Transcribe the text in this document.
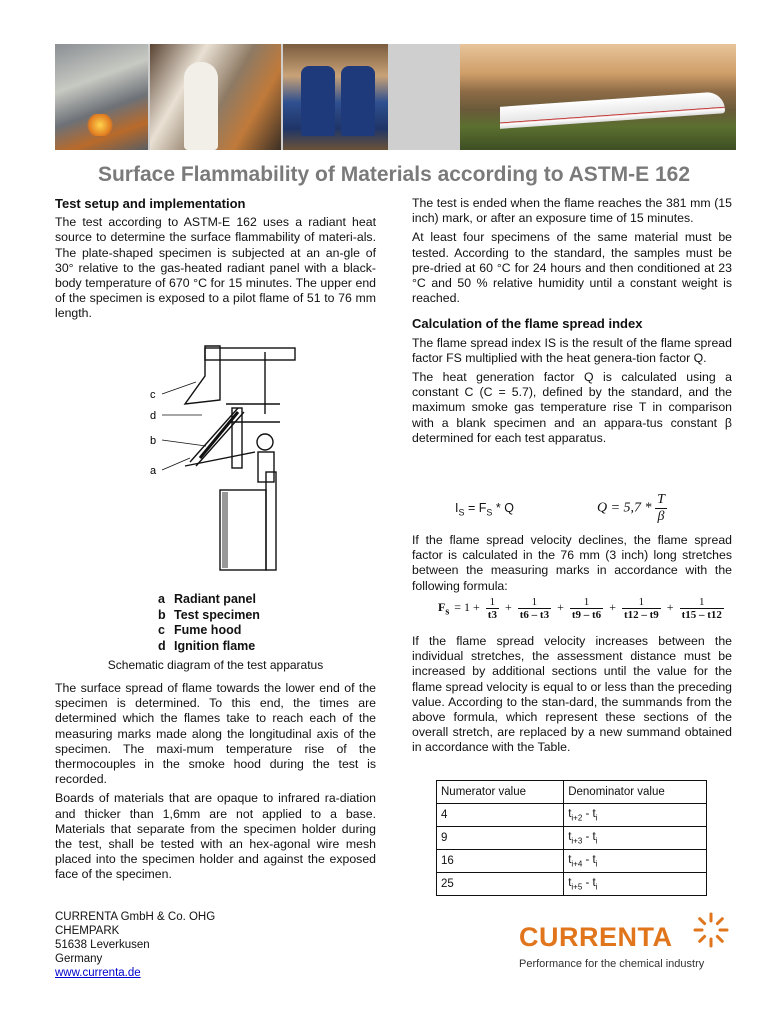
Surface Flammability of Materials according to ASTM-E 162
Test setup and implementation

The test according to ASTM-E 162 uses a radiant heat source to determine the surface flammability of materi-als. The plate-shaped specimen is subjected at an an-gle of 30° relative to the gas-heated radiant panel with a black-body temperature of 670 °C for 15 minutes. The upper end of the specimen is exposed to a pilot flame of 51 to 76 mm length.

c
d
b
a
a Radiant panel
b Test specimen
c Fume hood
d Ignition flame
Schematic diagram of the test apparatus

The surface spread of flame towards the lower end of the specimen is determined. To this end, the times are determined which the flames take to reach each of the measuring marks made along the longitudinal axis of the specimen. The maxi-mum temperature rise of the thermocouples in the smoke hood during the test is recorded.

Boards of materials that are opaque to infrared ra-diation and thicker than 1,6mm are not applied to a base. Materials that separate from the specimen holder during the test, shall be tested with an hex-agonal wire mesh placed into the specimen holder and against the exposed face of the specimen.

The test is ended when the flame reaches the 381 mm (15 inch) mark, or after an exposure time of 15 minutes.

At least four specimens of the same material must be tested. According to the standard, the samples must be pre-dried at 60 °C for 24 hours and then conditioned at 23 °C and 50 % relative humidity until a constant weight is reached.

Calculation of the flame spread index

The flame spread index IS is the result of the flame spread factor FS multiplied with the heat genera-tion factor Q.

The heat generation factor Q is calculated using a constant C (C = 5.7), defined by the standard, and the maximum smoke gas temperature rise T in comparison with a blank specimen and an appara-tus constant β determined for each test apparatus.

$I_S = F_S * Q$	$Q = 5,7 * \frac{T}{\beta}$

If the flame spread velocity declines, the flame spread factor is calculated in the 76 mm (3 inch) long stretches between the measuring marks in accordance with the following formula:

$F_s = 1 + \frac{1}{t3} + \frac{1}{t6 - t3} + \frac{1}{t9 - t6} + \frac{1}{t12 - t9} + \frac{1}{t15 - t12}$

If the flame spread velocity increases between the individual stretches, the assessment distance must be increased by additional sections until the value for the flame spread velocity is equal to or less than the preceding value. According to the stan-dard, the summands from the above formula, which represent these sections of the overall stretch, are replaced by a new summand obtained in accordance with the Table.

Numerator value	Denominator value
4	$t_{i+2} - t_i$
9	$t_{i+3} - t_i$
16	$t_{i+4} - t_i$
25	$t_{i+5} - t_i$
CURRENTA GmbH & Co. OHG
CHEMPARK
51638 Leverkusen
Germany
www.currenta.de
CURRENTA
Performance for the chemical industry
